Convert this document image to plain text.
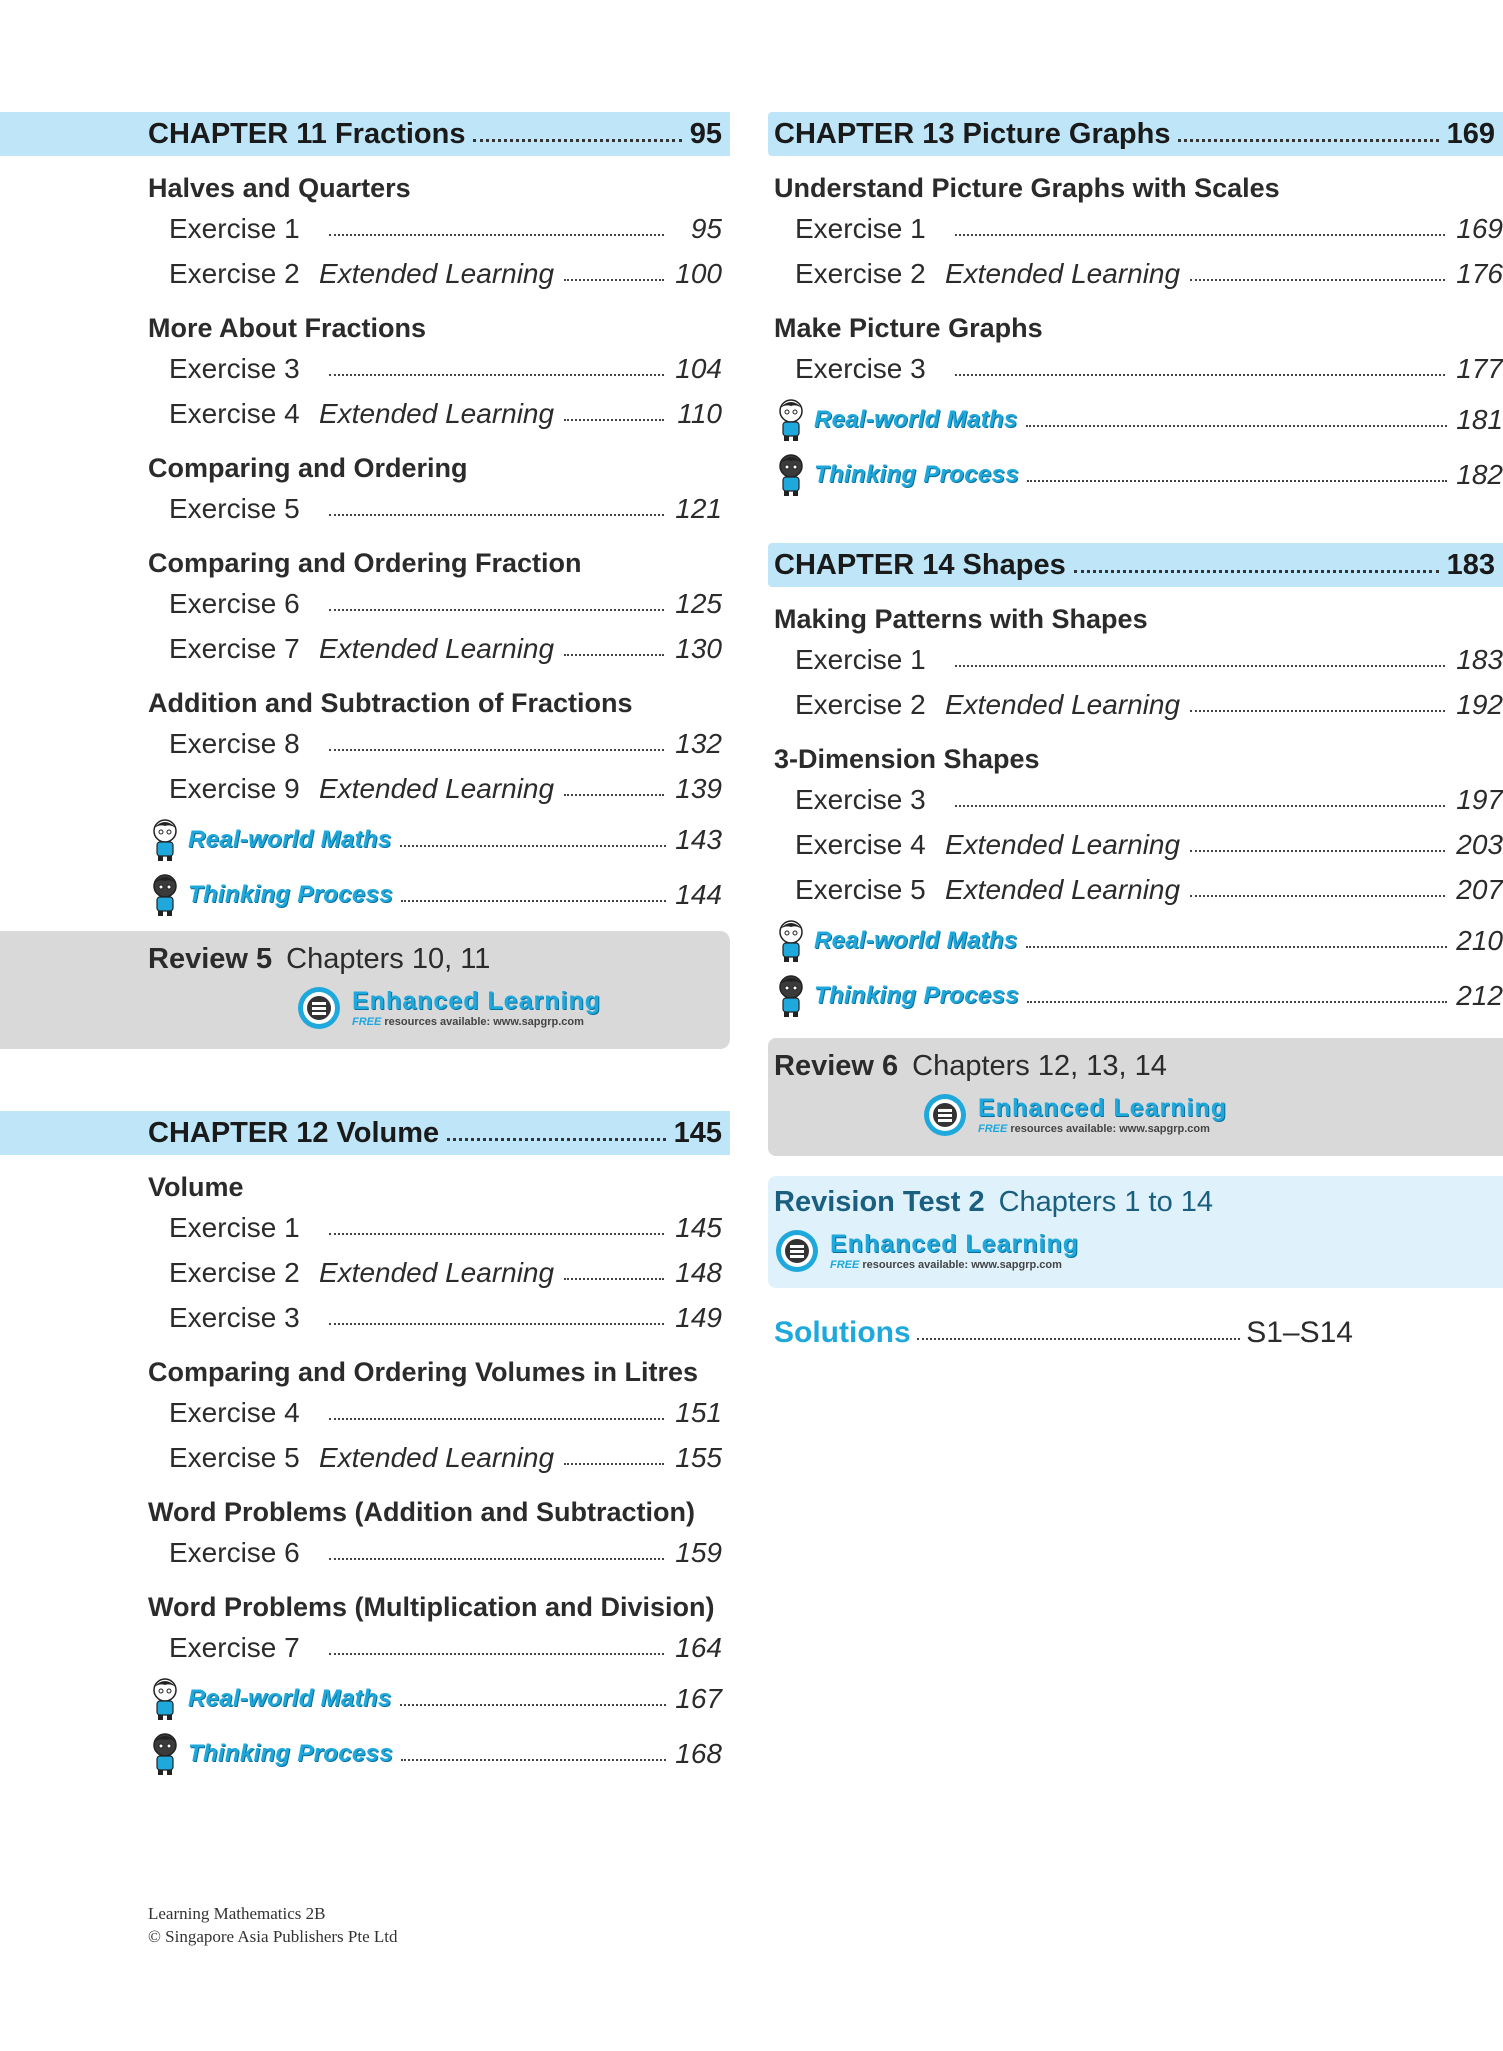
CHAPTER 11 Fractions	95
Halves and Quarters
Exercise 1	95
Exercise 2 Extended Learning	100
More About Fractions
Exercise 3	104
Exercise 4 Extended Learning	110
Comparing and Ordering
Exercise 5	121
Comparing and Ordering Fraction
Exercise 6	125
Exercise 7 Extended Learning	130
Addition and Subtraction of Fractions
Exercise 8	132
Exercise 9 Extended Learning	139
Real-world Maths	143
Thinking Process	144
Review 5 Chapters 10, 11
Enhanced Learning
FREE resources available: www.sapgrp.com
CHAPTER 12 Volume	145
Volume
Exercise 1	145
Exercise 2 Extended Learning	148
Exercise 3	149
Comparing and Ordering Volumes in Litres
Exercise 4	151
Exercise 5 Extended Learning	155
Word Problems (Addition and Subtraction)
Exercise 6	159
Word Problems (Multiplication and Division)
Exercise 7	164
Real-world Maths	167
Thinking Process	168
CHAPTER 13 Picture Graphs	169
Understand Picture Graphs with Scales
Exercise 1	169
Exercise 2 Extended Learning	176
Make Picture Graphs
Exercise 3	177
Real-world Maths	181
Thinking Process	182
CHAPTER 14 Shapes	183
Making Patterns with Shapes
Exercise 1	183
Exercise 2 Extended Learning	192
3-Dimension Shapes
Exercise 3	197
Exercise 4 Extended Learning	203
Exercise 5 Extended Learning	207
Real-world Maths	210
Thinking Process	212
Review 6 Chapters 12, 13, 14
Enhanced Learning
FREE resources available: www.sapgrp.com
Revision Test 2 Chapters 1 to 14
Enhanced Learning
FREE resources available: www.sapgrp.com
Solutions	S1–S14
Learning Mathematics 2B
© Singapore Asia Publishers Pte Ltd
